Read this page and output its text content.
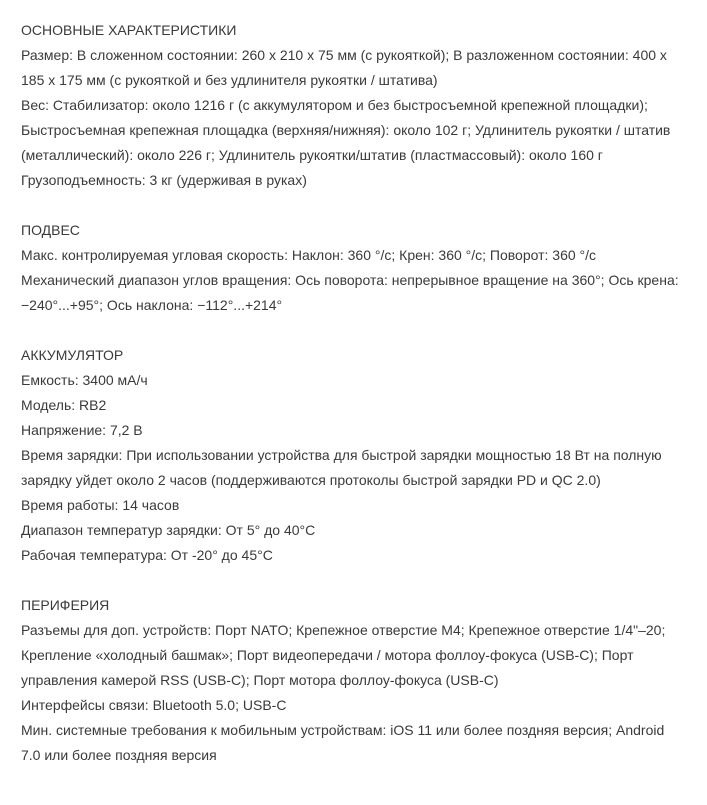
ОСНОВНЫЕ ХАРАКТЕРИСТИКИ

Размер: В сложенном состоянии: 260 x 210 x 75 мм (с рукояткой); В разложенном состоянии: 400 x 185 x 175 мм (с рукояткой и без удлинителя рукоятки / штатива)

Вес: Стабилизатор: около 1216 г (с аккумулятором и без быстросъемной крепежной площадки); Быстросъемная крепежная площадка (верхняя/нижняя): около 102 г; Удлинитель рукоятки / штатив (металлический): около 226 г; Удлинитель рукоятки/штатив (пластмассовый): около 160 г

Грузоподъемность: 3 кг (удерживая в руках)

ПОДВЕС

Макс. контролируемая угловая скорость: Наклон: 360 °/с; Крен: 360 °/с; Поворот: 360 °/с

Механический диапазон углов вращения: Ось поворота: непрерывное вращение на 360°; Ось крена: −240°...+95°; Ось наклона: −112°...+214°

АККУМУЛЯТОР

Емкость: 3400 мА/ч

Модель: RB2

Напряжение: 7,2 В

Время зарядки: При использовании устройства для быстрой зарядки мощностью 18 Вт на полную зарядку уйдет около 2 часов (поддерживаются протоколы быстрой зарядки PD и QC 2.0)

Время работы: 14 часов

Диапазон температур зарядки: От 5° до 40°C

Рабочая температура: От -20° до 45°C

ПЕРИФЕРИЯ

Разъемы для доп. устройств: Порт NATO; Крепежное отверстие M4; Крепежное отверстие 1/4"–20; Крепление «холодный башмак»; Порт видеопередачи / мотора фоллоу-фокуса (USB-C); Порт управления камерой RSS (USB-C); Порт мотора фоллоу-фокуса (USB-C)

Интерфейсы связи: Bluetooth 5.0; USB-C

Мин. системные требования к мобильным устройствам: iOS 11 или более поздняя версия; Android 7.0 или более поздняя версия
